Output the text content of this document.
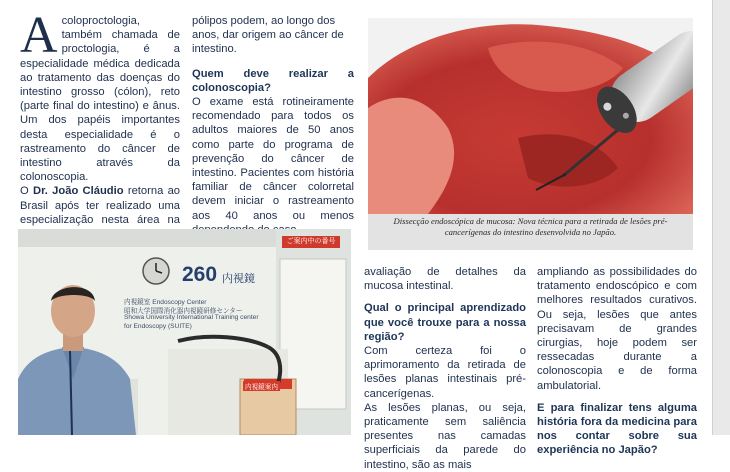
A coloproctologia, também chamada de proctologia, é a especialidade médica dedicada ao tratamento das doenças do intestino grosso (cólon), reto (parte final do intestino) e ânus. Um dos papéis importantes desta especialidade é o rastreamento do câncer de intestino através da colonoscopia.

O Dr. João Cláudio retorna ao Brasil após ter realizado uma especialização nesta área na

pólipos podem, ao longo dos anos, dar origem ao câncer de intestino.

Quem deve realizar a colonoscopia?

O exame está rotineiramente recomendado para todos os adultos maiores de 50 anos como parte do programa de prevenção do câncer de intestino. Pacientes com história familiar de câncer colorretal devem iniciar o rastreamento aos 40 anos ou menos	Dissecção endoscópica de mucosa: Nova técnica para a retirada de lesões pré-cancerígenas do intestino desenvolvida no Japão.
ご案内中の番号
260 内視鏡
内視鏡室 Endoscopy Center
昭和大学国際消化器内視鏡研修センター
Showa University International Training center
for Endoscopy (SUITE)
内視鏡案内

avaliação de detalhes da mucosa intestinal.

Qual o principal aprendizado que você trouxe para a nossa região?

Com certeza foi o aprimoramento da retirada de lesões planas intestinais pré-cancerígenas.

As lesões planas, ou seja, praticamente sem saliência presentes nas camadas superficiais da parede do intestino, são as mais

ampliando as possibilidades do tratamento endoscópico e com melhores resultados curativos. Ou seja, lesões que antes precisavam de grandes cirurgias, hoje podem ser ressecadas durante a colonoscopia e de forma ambulatorial.

E para finalizar tens alguma história fora da medicina para nos contar sobre sua experiência no Japão?
